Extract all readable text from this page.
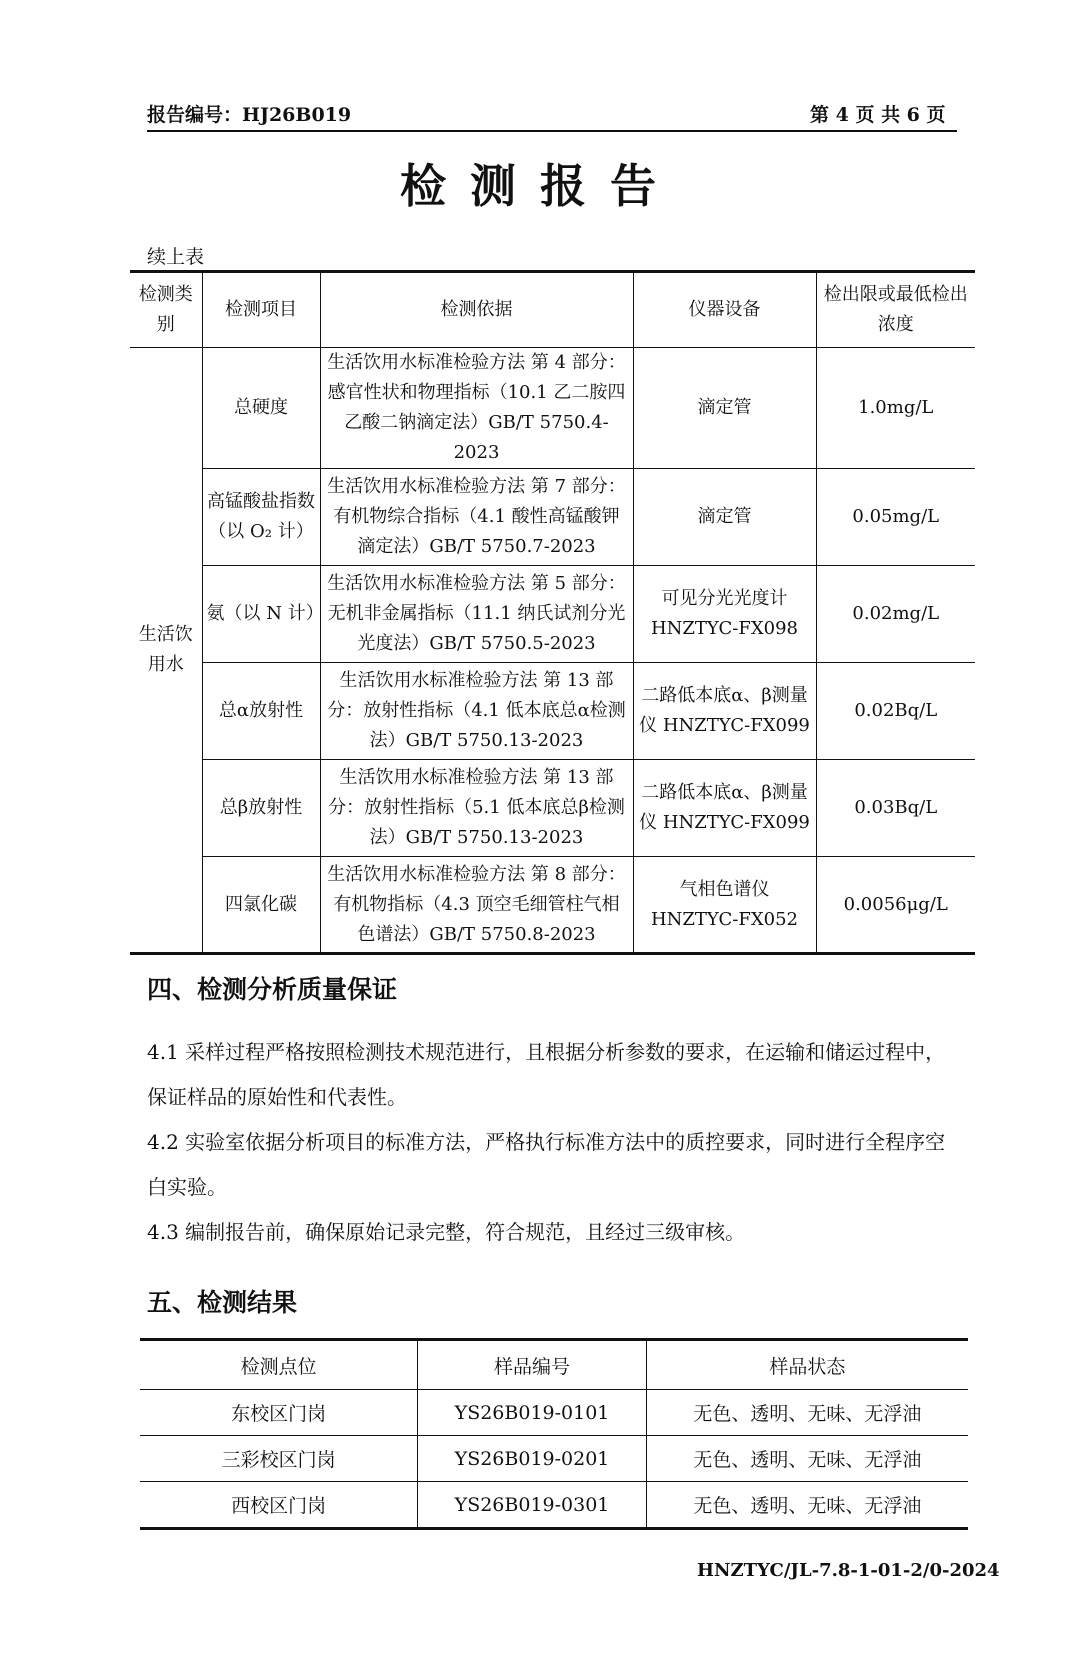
报告编号：HJ26B019	第 4 页 共 6 页
检测报告
续上表
检测类别	检测项目	检测依据	仪器设备	检出限或最低检出浓度
生活饮用水	总硬度	生活饮用水标准检验方法 第 4 部分：感官性状和物理指标（10.1 乙二胺四乙酸二钠滴定法）GB/T 5750.4-2023	滴定管	1.0mg/L
	高锰酸盐指数（以 O₂ 计）	生活饮用水标准检验方法 第 7 部分：有机物综合指标（4.1 酸性高锰酸钾滴定法）GB/T 5750.7-2023	滴定管	0.05mg/L
	氨（以 N 计）	生活饮用水标准检验方法 第 5 部分：无机非金属指标（11.1 纳氏试剂分光光度法）GB/T 5750.5-2023	可见分光光度计 HNZTYC-FX098	0.02mg/L
	总α放射性	生活饮用水标准检验方法 第 13 部分：放射性指标（4.1 低本底总α检测法）GB/T 5750.13-2023	二路低本底α、β测量仪 HNZTYC-FX099	0.02Bq/L
	总β放射性	生活饮用水标准检验方法 第 13 部分：放射性指标（5.1 低本底总β检测法）GB/T 5750.13-2023	二路低本底α、β测量仪 HNZTYC-FX099	0.03Bq/L
	四氯化碳	生活饮用水标准检验方法 第 8 部分：有机物指标（4.3 顶空毛细管柱气相色谱法）GB/T 5750.8-2023	气相色谱仪 HNZTYC-FX052	0.0056μg/L
四、检测分析质量保证
4.1 采样过程严格按照检测技术规范进行，且根据分析参数的要求，在运输和储运过程中，保证样品的原始性和代表性。
4.2 实验室依据分析项目的标准方法，严格执行标准方法中的质控要求，同时进行全程序空白实验。
4.3 编制报告前，确保原始记录完整，符合规范，且经过三级审核。
五、检测结果
检测点位	样品编号	样品状态
东校区门岗	YS26B019-0101	无色、透明、无味、无浮油
三彩校区门岗	YS26B019-0201	无色、透明、无味、无浮油
西校区门岗	YS26B019-0301	无色、透明、无味、无浮油
HNZTYC/JL-7.8-1-01-2/0-2024
